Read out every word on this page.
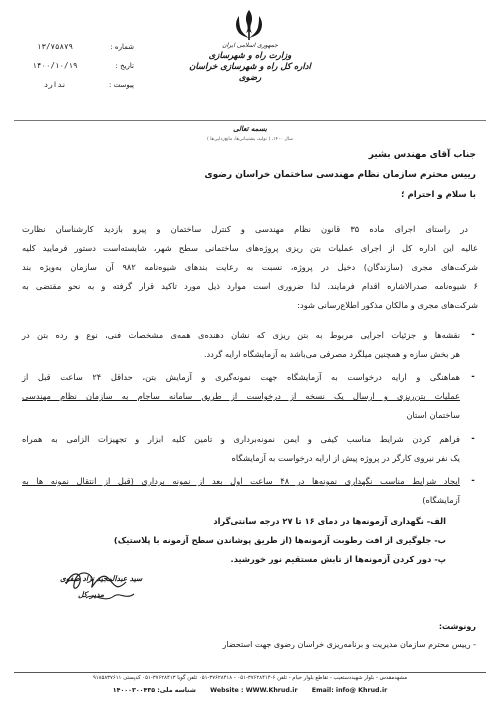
جمهوری اسلامی ایران
وزارت راه و شهرسازی
اداره کل راه و شهرسازی خراسان رضوی
شماره :
۱۳/۷۵۸۷۹
تاریخ :
۱۴۰۰/۱۰/۱۹
پیوست :
ندارد
بسمه تعالی
سال ۱۴۰۰، ( تولید، پشتیبانی‌ها، مانع‌زدایی‌ها )
جناب آقای مهندس بشیر
رییس محترم سازمان نظام مهندسی ساختمان خراسان رضوی
با سلام و احترام ؛
در راستای اجرای ماده ۳۵ قانون نظام مهندسی و کنترل ساختمان و پیرو بازدید کارشناسان نظارت
عالیه این اداره کل از اجرای عملیات بتن ریزی پروژه‌های ساختمانی سطح شهر، شایسته‌است دستور فرمایید کلیه
شرکت‌های مجری (سازندگان) دخیل در پروژه، نسبت به رعایت بندهای شیوه‌نامه ۹۸۲ آن سازمان به‌ویژه بند
۶ شیوه‌نامه صدرالاشاره اقدام فرمایند. لذا ضروری است موارد ذیل مورد تاکید قرار گرفته و به نحو مقتضی به
شرکت‌های مجری و مالکان مذکور اطلاع‌رسانی شود:
-
نقشه‌ها و جزئیات اجرایی مربوط به بتن ریزی که نشان دهنده‌ی همه‌ی مشخصات فنی، نوع و رده بتن در
هر بخش سازه و همچنین میلگرد مصرفی می‌باشد به آزمایشگاه ارایه گردد.
-
هماهنگی و ارایه درخواست به آزمایشگاه جهت نمونه‌گیری و آزمایش بتن، حداقل ۲۴ ساعت قبل از
عملیات بتن‌ریزی و ارسال یک نسخه از درخواست از طریق سامانه ساجام به سازمان نظام مهندسی
ساختمان استان
-
فراهم کردن شرایط مناسب کیفی و ایمن نمونه‌برداری و تامین کلیه ابزار و تجهیزات الزامی به همراه
یک نفر نیروی کارگر در پروژه پیش از ارایه درخواست به آزمایشگاه
-
ایجاد شرایط مناسب نگهداری نمونه‌ها در ۴۸ ساعت اول بعد از نمونه برداری (قبل از انتقال نمونه ها به
آزمایشگاه)
الف- نگهداری آزمونه‌ها در دمای ۱۶ تا ۲۷ درجه سانتی‌گراد
ب- جلوگیری از افت رطوبت آزمونه‌ها (از طریق پوشاندن سطح آزمونه با پلاستیک)
پ- دور کردن آزمونه‌ها از تابش مستقیم نور خورشید.
سید عبدالمجید نژاد صفوی
مدیر کل
رونوشت:
- رییس محترم سازمان مدیریت و برنامه‌ریزی خراسان رضوی جهت استحضار
مشهدمقدس - بلوار شهید‌دستغیب - تقاطع بلوار خیام - تلفن ۶-۳۷۶۲۸۴۱۴-۰۵۱ - ۳۷۶۲۸۴۱۸-۰۵۱ تلفن گویا ۳۷۶۲۸۴۱۳-۰۵۱ کدپستی ۹۱۸۵۸۳۷۶۱۱
Website : WWW.Khrud.ir Email: info@ Khrud.ir شناسه ملی: ۱۴۰۰۰۳۰۰۴۳۵
